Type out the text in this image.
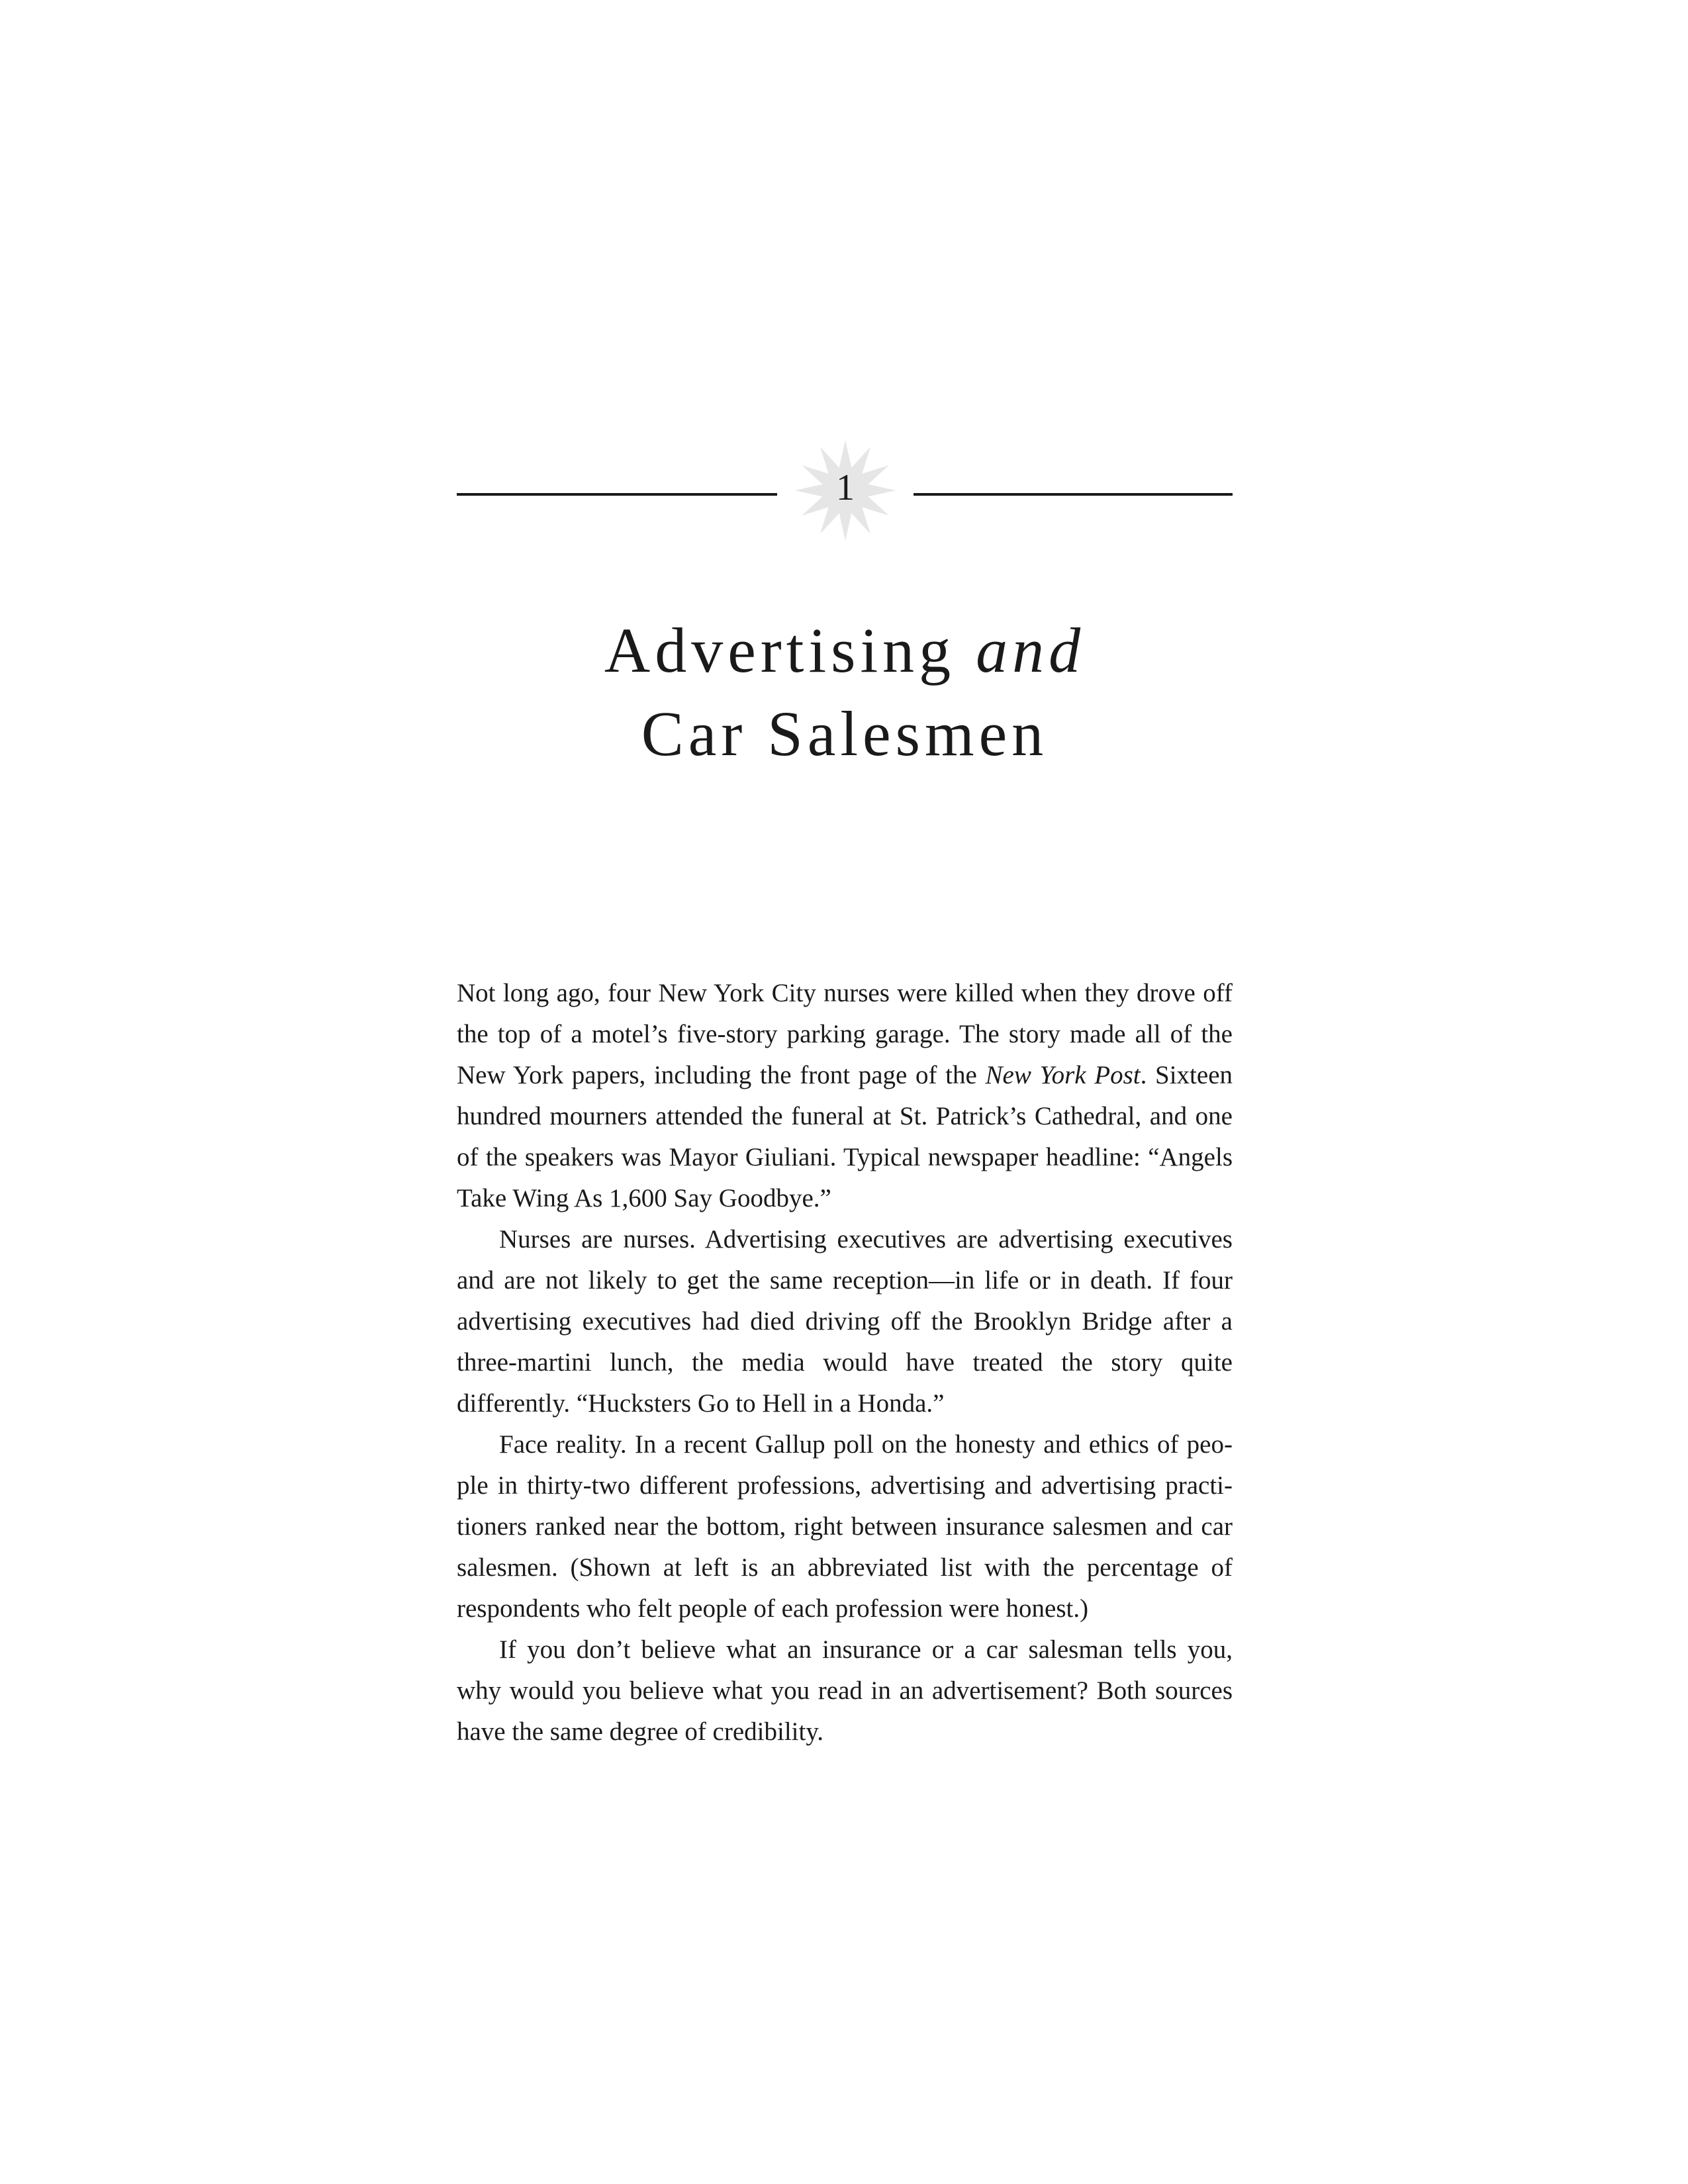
1
Advertising and
Car Salesmen

Not long ago, four New York City nurses were killed when they drove off the top of a motel’s five-story parking garage. The story made all of the New York papers, including the front page of the New York Post. Sixteen hundred mourners attended the funeral at St. Patrick’s Cathedral, and one of the speakers was Mayor Giuliani. Typical newspaper headline: “Angels Take Wing As 1,600 Say Goodbye.”

Nurses are nurses. Advertising executives are advertising executives and are not likely to get the same reception—in life or in death. If four advertising executives had died driving off the Brooklyn Bridge after a three-martini lunch, the media would have treated the story quite differently. “Hucksters Go to Hell in a Honda.”

Face reality. In a recent Gallup poll on the honesty and ethics of people in thirty-two different professions, advertising and advertising practitioners ranked near the bottom, right between insurance salesmen and car salesmen. (Shown at left is an abbreviated list with the percentage of respondents who felt people of each profession were honest.)

If you don’t believe what an insurance or a car salesman tells you, why would you believe what you read in an advertisement? Both sources have the same degree of credibility.
